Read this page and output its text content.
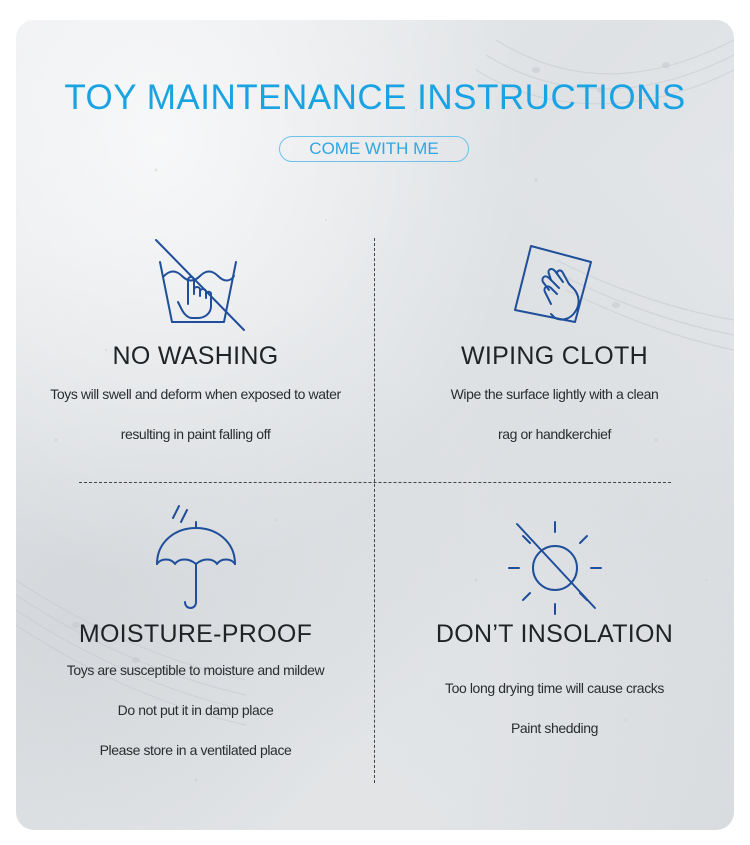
TOY MAINTENANCE INSTRUCTIONS
COME WITH ME
NO WASHING
Toys will swell and deform when exposed to water
resulting in paint falling off
WIPING CLOTH
Wipe the surface lightly with a clean
rag or handkerchief
MOISTURE-PROOF
Toys are susceptible to moisture and mildew
Do not put it in damp place
Please store in a ventilated place
DON’T INSOLATION
Too long drying time will cause cracks
Paint shedding
